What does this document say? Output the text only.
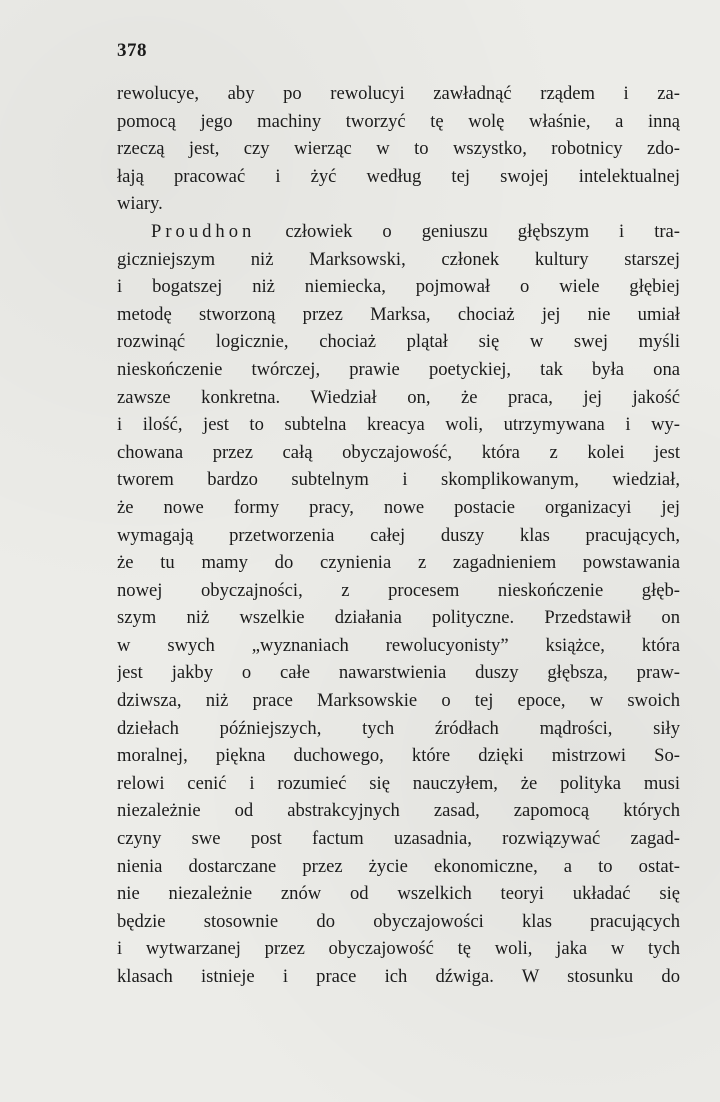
378
rewolucye, aby po rewolucyi zawładnąć rządem i za-
pomocą jego machiny tworzyć tę wolę właśnie, a inną
rzeczą jest, czy wierząc w to wszystko, robotnicy zdo-
łają pracować i żyć według tej swojej intelektualnej
wiary.
Proudhon człowiek o geniuszu głębszym i tra-
giczniejszym niż Marksowski, członek kultury starszej
i bogatszej niż niemiecka, pojmował o wiele głębiej
metodę stworzoną przez Marksa, chociaż jej nie umiał
rozwinąć logicznie, chociaż plątał się w swej myśli
nieskończenie twórczej, prawie poetyckiej, tak była ona
zawsze konkretna. Wiedział on, że praca, jej jakość
i ilość, jest to subtelna kreacya woli, utrzymywana i wy-
chowana przez całą obyczajowość, która z kolei jest
tworem bardzo subtelnym i skomplikowanym, wiedział,
że nowe formy pracy, nowe postacie organizacyi jej
wymagają przetworzenia całej duszy klas pracujących,
że tu mamy do czynienia z zagadnieniem powstawania
nowej obyczajności, z procesem nieskończenie głęb-
szym niż wszelkie działania polityczne. Przedstawił on
w swych „wyznaniach rewolucyonisty” książce, która
jest jakby o całe nawarstwienia duszy głębsza, praw-
dziwsza, niż prace Marksowskie o tej epoce, w swoich
dziełach późniejszych, tych źródłach mądrości, siły
moralnej, piękna duchowego, które dzięki mistrzowi So-
relowi cenić i rozumieć się nauczyłem, że polityka musi
niezależnie od abstrakcyjnych zasad, zapomocą których
czyny swe post factum uzasadnia, rozwiązywać zagad-
nienia dostarczane przez życie ekonomiczne, a to ostat-
nie niezależnie znów od wszelkich teoryi układać się
będzie stosownie do obyczajowości klas pracujących
i wytwarzanej przez obyczajowość tę woli, jaka w tych
klasach istnieje i prace ich dźwiga. W stosunku do
